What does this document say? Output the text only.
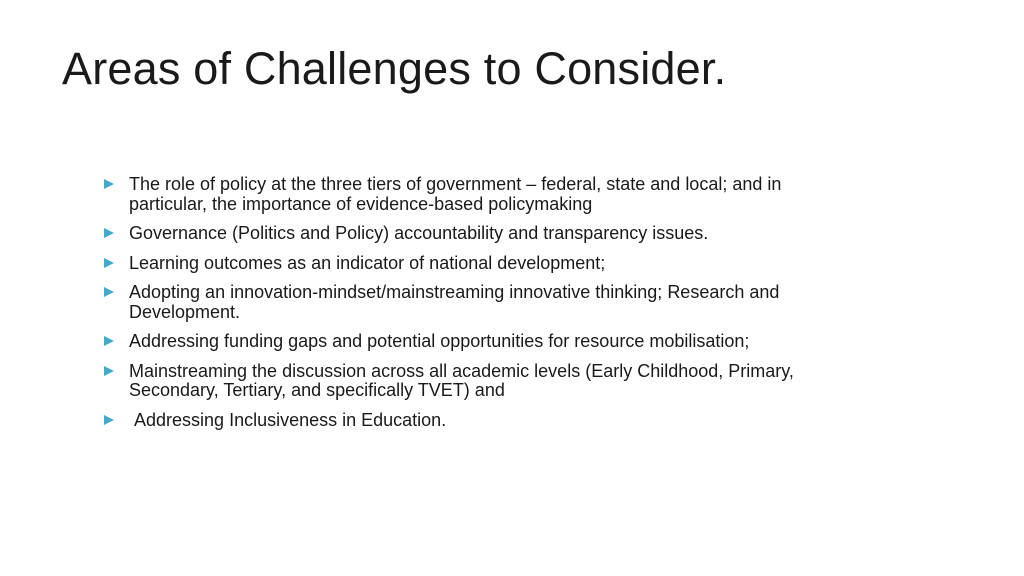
Areas of Challenges to Consider.
The role of policy at the three tiers of government – federal, state and local; and in particular, the importance of evidence-based policymaking
Governance (Politics and Policy) accountability and transparency issues.
Learning outcomes as an indicator of national development;
Adopting an innovation-mindset/mainstreaming innovative thinking; Research and Development.
Addressing funding gaps and potential opportunities for resource mobilisation;
Mainstreaming the discussion across all academic levels (Early Childhood, Primary, Secondary, Tertiary, and specifically TVET) and
Addressing Inclusiveness in Education.
